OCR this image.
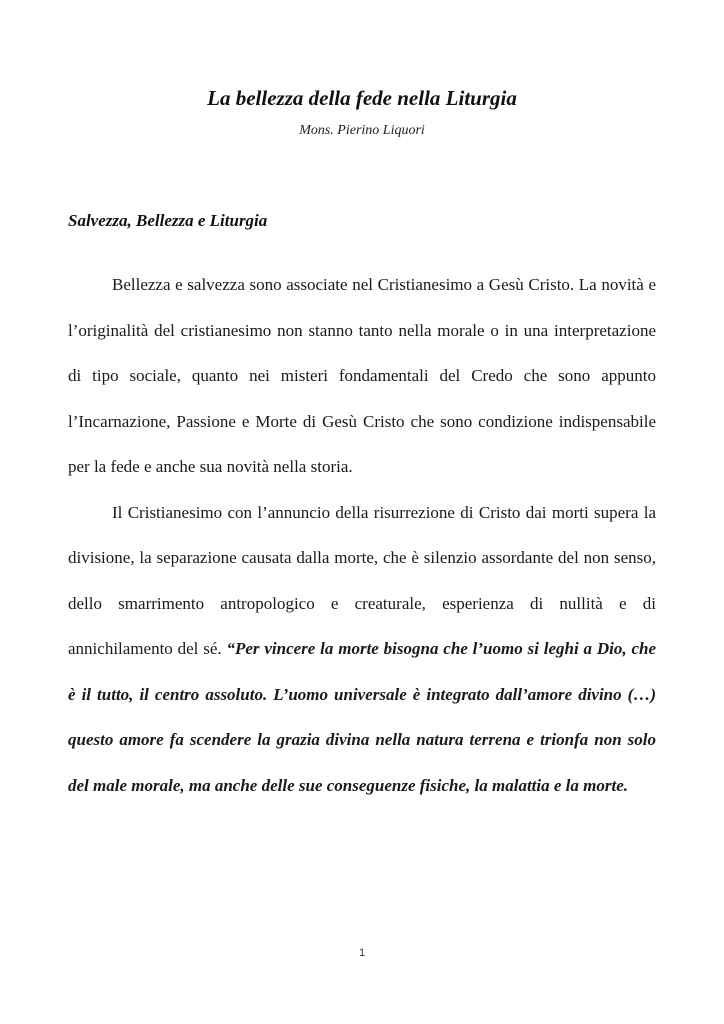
La bellezza della fede nella Liturgia
Mons. Pierino Liquori
Salvezza, Bellezza e Liturgia

Bellezza e salvezza sono associate nel Cristianesimo a Gesù Cristo. La novità e l’originalità del cristianesimo non stanno tanto nella morale o in una interpretazione di tipo sociale, quanto nei misteri fondamentali del Credo che sono appunto l’Incarnazione, Passione e Morte di Gesù Cristo che sono condizione indispensabile per la fede e anche sua novità nella storia.

Il Cristianesimo con l’annuncio della risurrezione di Cristo dai morti supera la divisione, la separazione causata dalla morte, che è silenzio assordante del non senso, dello smarrimento antropologico e creaturale, esperienza di nullità e di annichilamento del sé. “Per vincere la morte bisogna che l’uomo si leghi a Dio, che è il tutto, il centro assoluto. L’uomo universale è integrato dall’amore divino (…) questo amore fa scendere la grazia divina nella natura terrena e trionfa non solo del male morale, ma anche delle sue conseguenze fisiche, la malattia e la morte.

1
